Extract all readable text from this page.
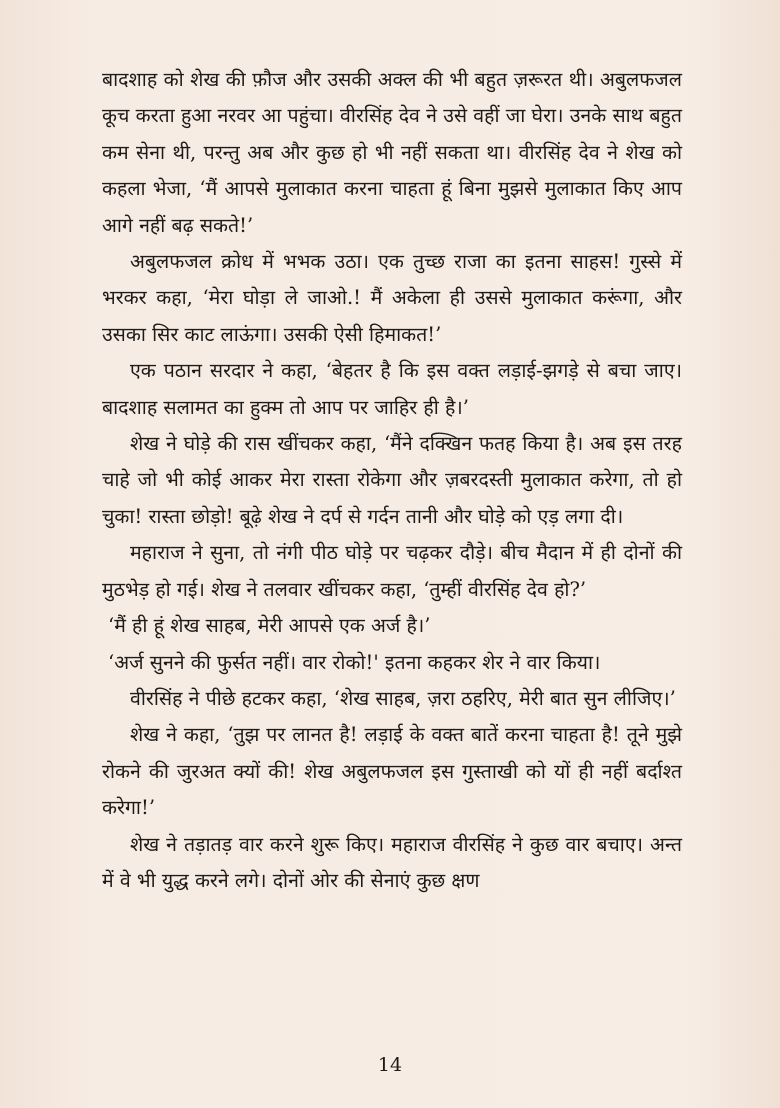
बादशाह को शेख की फ़ौज और उसकी अक्ल की भी बहुत ज़रूरत थी। अबुलफजल कूच करता हुआ नरवर आ पहुंचा। वीरसिंह देव ने उसे वहीं जा घेरा। उनके साथ बहुत कम सेना थी, परन्तु अब और कुछ हो भी नहीं सकता था। वीरसिंह देव ने शेख को कहला भेजा, ‘मैं आपसे मुलाकात करना चाहता हूं बिना मुझसे मुलाकात किए आप आगे नहीं बढ़ सकते!’

अबुलफजल क्रोध में भभक उठा। एक तुच्छ राजा का इतना साहस! गुस्से में भरकर कहा, ‘मेरा घोड़ा ले जाओ.! मैं अकेला ही उससे मुलाकात करूंगा, और उसका सिर काट लाऊंगा। उसकी ऐसी हिमाकत!’

एक पठान सरदार ने कहा, ‘बेहतर है कि इस वक्त लड़ाई-झगड़े से बचा जाए। बादशाह सलामत का हुक्म तो आप पर जाहिर ही है।’

शेख ने घोड़े की रास खींचकर कहा, ‘मैंने दक्खिन फतह किया है। अब इस तरह चाहे जो भी कोई आकर मेरा रास्ता रोकेगा और ज़बरदस्ती मुलाकात करेगा, तो हो चुका! रास्ता छोड़ो! बूढ़े शेख ने दर्प से गर्दन तानी और घोड़े को एड़ लगा दी।

महाराज ने सुना, तो नंगी पीठ घोड़े पर चढ़कर दौड़े। बीच मैदान में ही दोनों की मुठभेड़ हो गई। शेख ने तलवार खींचकर कहा, ‘तुम्हीं वीरसिंह देव हो?’

‘मैं ही हूं शेख साहब, मेरी आपसे एक अर्ज है।’

‘अर्ज सुनने की फुर्सत नहीं। वार रोको!' इतना कहकर शेर ने वार किया।

वीरसिंह ने पीछे हटकर कहा, ‘शेख साहब, ज़रा ठहरिए, मेरी बात सुन लीजिए।’

शेख ने कहा, ‘तुझ पर लानत है! लड़ाई के वक्त बातें करना चाहता है! तूने मुझे रोकने की जुरअत क्यों की! शेख अबुलफजल इस गुस्ताखी को यों ही नहीं बर्दाश्त करेगा!’

शेख ने तड़ातड़ वार करने शुरू किए। महाराज वीरसिंह ने कुछ वार बचाए। अन्त में वे भी युद्ध करने लगे। दोनों ओर की सेनाएं कुछ क्षण

14
